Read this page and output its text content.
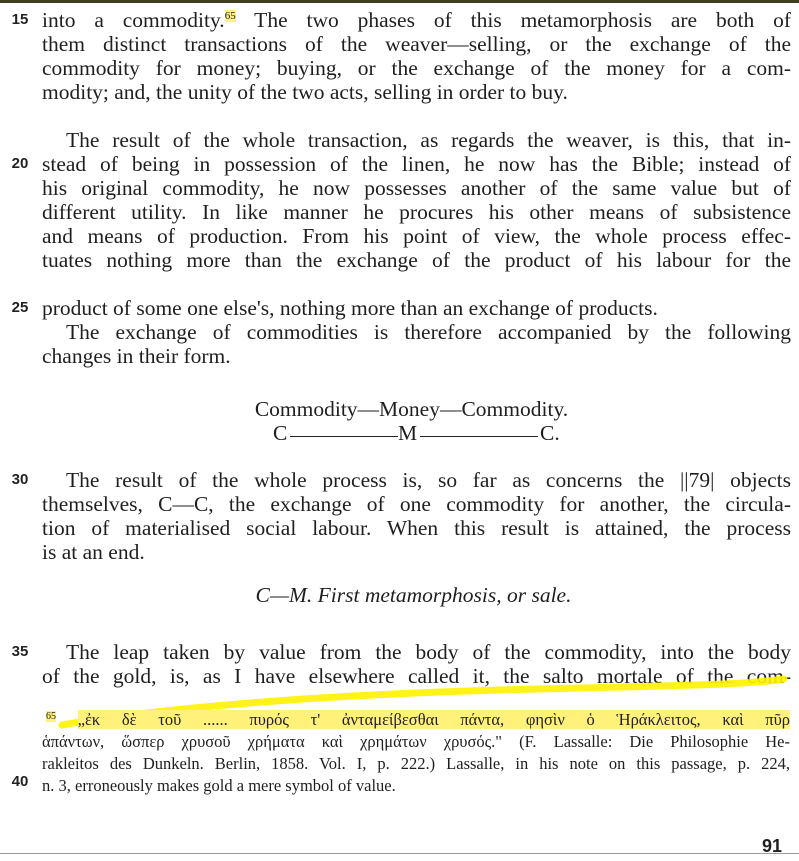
15
20
25
30
35
40
into a commodity.$^{65}$ The two phases of this metamorphosis are both of
them distinct transactions of the weaver—selling, or the exchange of the
commodity for money; buying, or the exchange of the money for a com-
modity; and, the unity of the two acts, selling in order to buy.
The result of the whole transaction, as regards the weaver, is this, that in-
stead of being in possession of the linen, he now has the Bible; instead of
his original commodity, he now possesses another of the same value but of
different utility. In like manner he procures his other means of subsistence
and means of production. From his point of view, the whole process effec-
tuates nothing more than the exchange of the product of his labour for the
product of some one else's, nothing more than an exchange of products.
The exchange of commodities is therefore accompanied by the following
changes in their form.
Commodity—Money—Commodity.
C	M	C.
The result of the whole process is, so far as concerns the ||79| objects
themselves, C—C, the exchange of one commodity for another, the circula-
tion of materialised social labour. When this result is attained, the process
is at an end.
C—M. First metamorphosis, or sale.
The leap taken by value from the body of the commodity, into the body
of the gold, is, as I have elsewhere called it, the salto mortale of the com-
$^{65}$ „ἐκ δὲ τοῦ ...... πυρός τ' ἀνταμείβεσθαι πάντα, φησὶν ὁ Ἡράκλειτος, καὶ πῦρ
ἁπάντων, ὥσπερ χρυσοῦ χρήματα καὶ χρημάτων χρυσός." (F. Lassalle: Die Philosophie He-
rakleitos des Dunkeln. Berlin, 1858. Vol. I, p. 222.) Lassalle, in his note on this passage, p. 224,
n. 3, erroneously makes gold a mere symbol of value.
91
